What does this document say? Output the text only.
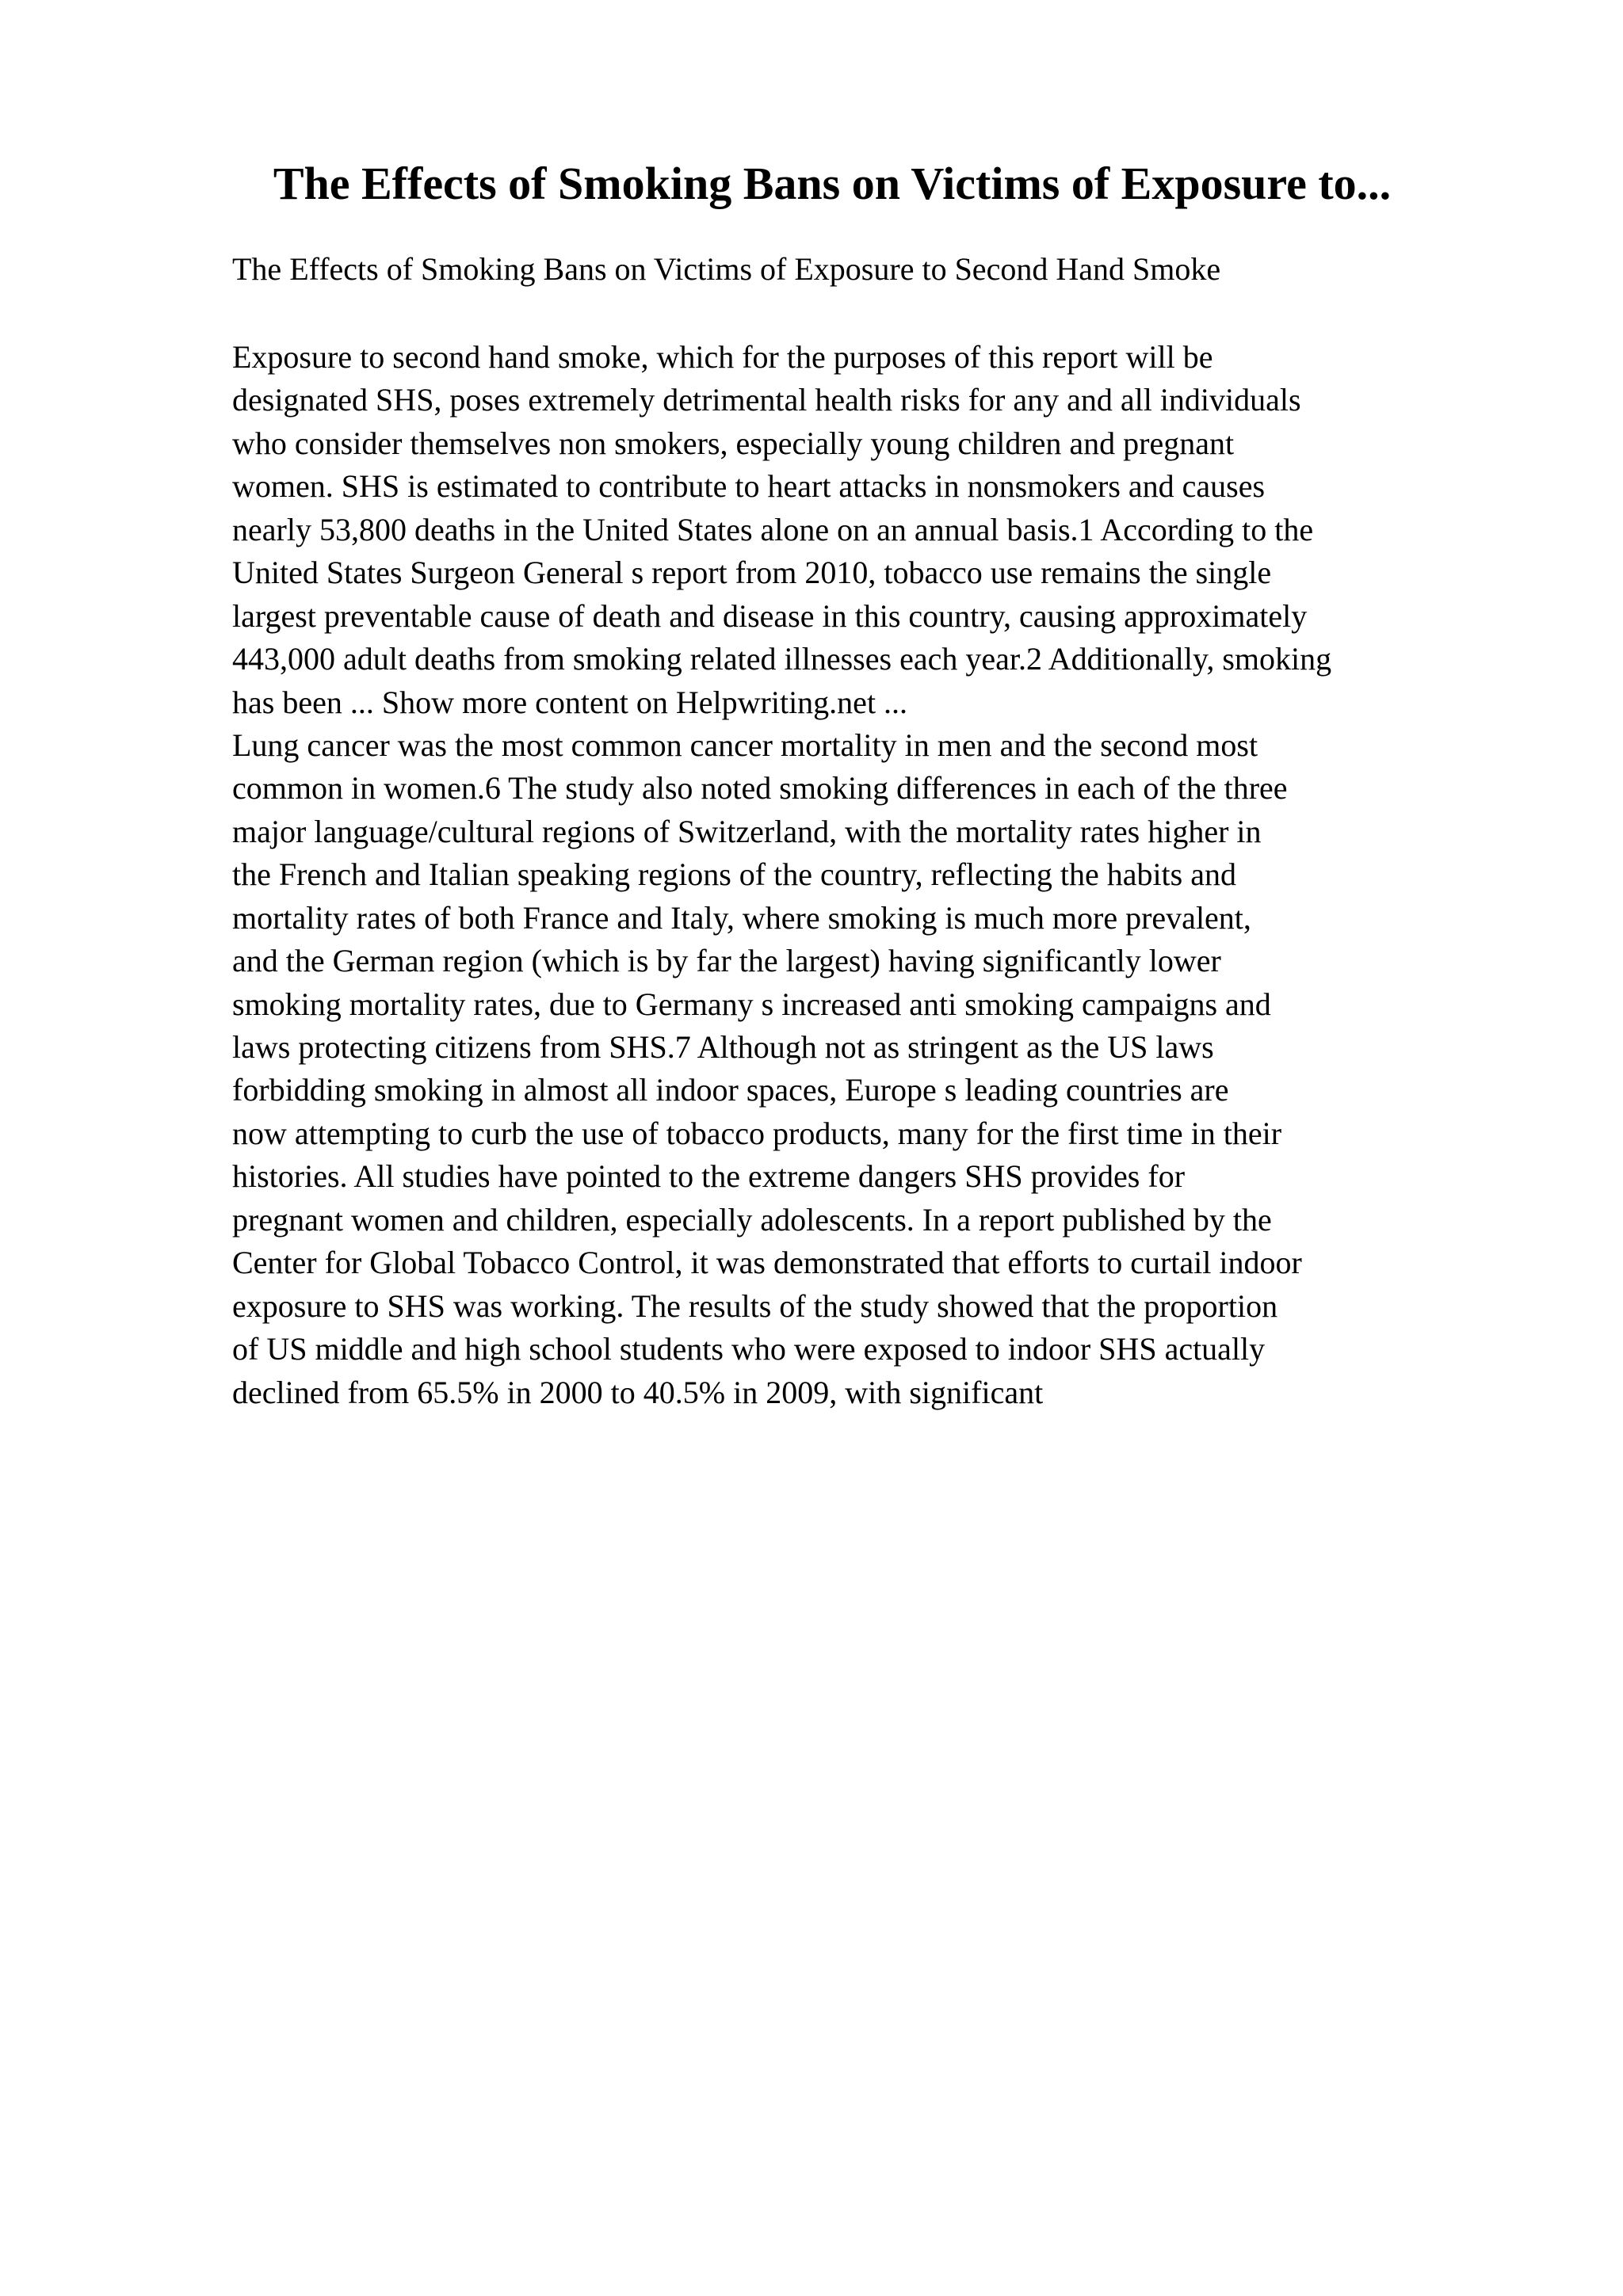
The Effects of Smoking Bans on Victims of Exposure to...

The Effects of Smoking Bans on Victims of Exposure to Second Hand Smoke

Exposure to second hand smoke, which for the purposes of this report will be
designated SHS, poses extremely detrimental health risks for any and all individuals
who consider themselves non smokers, especially young children and pregnant
women. SHS is estimated to contribute to heart attacks in nonsmokers and causes
nearly 53,800 deaths in the United States alone on an annual basis.1 According to the
United States Surgeon General s report from 2010, tobacco use remains the single
largest preventable cause of death and disease in this country, causing approximately
443,000 adult deaths from smoking related illnesses each year.2 Additionally, smoking
has been ... Show more content on Helpwriting.net ...
Lung cancer was the most common cancer mortality in men and the second most
common in women.6 The study also noted smoking differences in each of the three
major language/cultural regions of Switzerland, with the mortality rates higher in
the French and Italian speaking regions of the country, reflecting the habits and
mortality rates of both France and Italy, where smoking is much more prevalent,
and the German region (which is by far the largest) having significantly lower
smoking mortality rates, due to Germany s increased anti smoking campaigns and
laws protecting citizens from SHS.7 Although not as stringent as the US laws
forbidding smoking in almost all indoor spaces, Europe s leading countries are
now attempting to curb the use of tobacco products, many for the first time in their
histories. All studies have pointed to the extreme dangers SHS provides for
pregnant women and children, especially adolescents. In a report published by the
Center for Global Tobacco Control, it was demonstrated that efforts to curtail indoor
exposure to SHS was working. The results of the study showed that the proportion
of US middle and high school students who were exposed to indoor SHS actually
declined from 65.5% in 2000 to 40.5% in 2009, with significant
